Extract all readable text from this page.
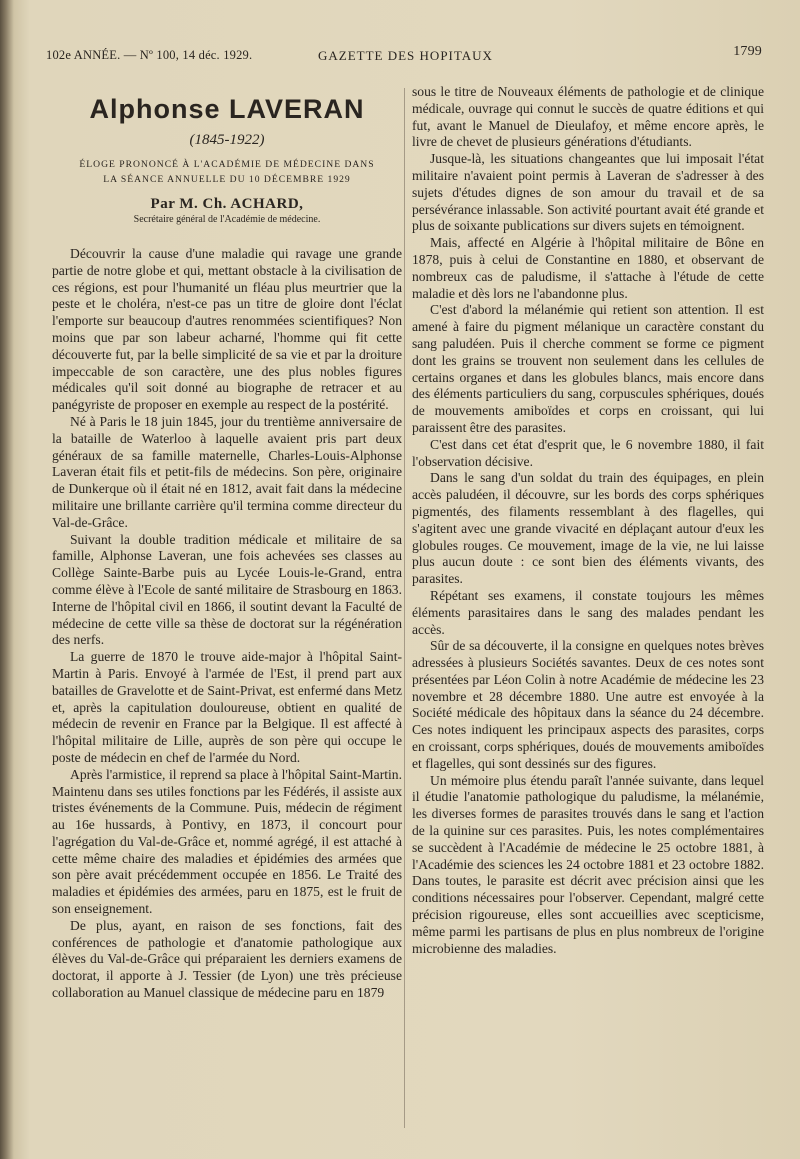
102e ANNÉE. — Nº 100, 14 déc. 1929.	GAZETTE DES HOPITAUX	1799
Alphonse LAVERAN
(1845-1922)

ÉLOGE PRONONCÉ À L'ACADÉMIE DE MÉDECINE DANS

LA SÉANCE ANNUELLE DU 10 DÉCEMBRE 1929

Par M. Ch. ACHARD,

Secrétaire général de l'Académie de médecine.

Découvrir la cause d'une maladie qui ravage une grande partie de notre globe et qui, mettant obstacle à la civilisation de ces régions, est pour l'humanité un fléau plus meurtrier que la peste et le choléra, n'est-ce pas un titre de gloire dont l'éclat l'emporte sur beaucoup d'autres renommées scientifiques? Non moins que par son labeur acharné, l'homme qui fit cette découverte fut, par la belle simplicité de sa vie et par la droiture impeccable de son caractère, une des plus nobles figures médicales qu'il soit donné au biographe de retracer et au panégyriste de proposer en exemple au respect de la postérité.

Né à Paris le 18 juin 1845, jour du trentième anniversaire de la bataille de Waterloo à laquelle avaient pris part deux généraux de sa famille maternelle, Charles-Louis-Alphonse Laveran était fils et petit-fils de médecins. Son père, originaire de Dunkerque où il était né en 1812, avait fait dans la médecine militaire une brillante carrière qu'il termina comme directeur du Val-de-Grâce.

Suivant la double tradition médicale et militaire de sa famille, Alphonse Laveran, une fois achevées ses classes au Collège Sainte-Barbe puis au Lycée Louis-le-Grand, entra comme élève à l'Ecole de santé militaire de Strasbourg en 1863. Interne de l'hôpital civil en 1866, il soutint devant la Faculté de médecine de cette ville sa thèse de doctorat sur la régénération des nerfs.

La guerre de 1870 le trouve aide-major à l'hôpital Saint-Martin à Paris. Envoyé à l'armée de l'Est, il prend part aux batailles de Gravelotte et de Saint-Privat, est enfermé dans Metz et, après la capitulation douloureuse, obtient en qualité de médecin de revenir en France par la Belgique. Il est affecté à l'hôpital militaire de Lille, auprès de son père qui occupe le poste de médecin en chef de l'armée du Nord.

Après l'armistice, il reprend sa place à l'hôpital Saint-Martin. Maintenu dans ses utiles fonctions par les Fédérés, il assiste aux tristes événements de la Commune. Puis, médecin de régiment au 16e hussards, à Pontivy, en 1873, il concourt pour l'agrégation du Val-de-Grâce et, nommé agrégé, il est attaché à cette même chaire des maladies et épidémies des armées que son père avait précédemment occupée en 1856. Le Traité des maladies et épidémies des armées, paru en 1875, est le fruit de son enseignement.

De plus, ayant, en raison de ses fonctions, fait des conférences de pathologie et d'anatomie pathologique aux élèves du Val-de-Grâce qui préparaient les derniers examens de doctorat, il apporte à J. Tessier (de Lyon) une très précieuse collaboration au Manuel classique de médecine paru en 1879

sous le titre de Nouveaux éléments de pathologie et de clinique médicale, ouvrage qui connut le succès de quatre éditions et qui fut, avant le Manuel de Dieulafoy, et même encore après, le livre de chevet de plusieurs générations d'étudiants.

Jusque-là, les situations changeantes que lui imposait l'état militaire n'avaient point permis à Laveran de s'adresser à des sujets d'études dignes de son amour du travail et de sa persévérance inlassable. Son activité pourtant avait été grande et plus de soixante publications sur divers sujets en témoignent.

Mais, affecté en Algérie à l'hôpital militaire de Bône en 1878, puis à celui de Constantine en 1880, et observant de nombreux cas de paludisme, il s'attache à l'étude de cette maladie et dès lors ne l'abandonne plus.

C'est d'abord la mélanémie qui retient son attention. Il est amené à faire du pigment mélanique un caractère constant du sang paludéen. Puis il cherche comment se forme ce pigment dont les grains se trouvent non seulement dans les cellules de certains organes et dans les globules blancs, mais encore dans des éléments particuliers du sang, corpuscules sphériques, doués de mouvements amiboïdes et corps en croissant, qui lui paraissent être des parasites.

C'est dans cet état d'esprit que, le 6 novembre 1880, il fait l'observation décisive.

Dans le sang d'un soldat du train des équipages, en plein accès paludéen, il découvre, sur les bords des corps sphériques pigmentés, des filaments ressemblant à des flagelles, qui s'agitent avec une grande vivacité en déplaçant autour d'eux les globules rouges. Ce mouvement, image de la vie, ne lui laisse plus aucun doute : ce sont bien des éléments vivants, des parasites.

Répétant ses examens, il constate toujours les mêmes éléments parasitaires dans le sang des malades pendant les accès.

Sûr de sa découverte, il la consigne en quelques notes brèves adressées à plusieurs Sociétés savantes. Deux de ces notes sont présentées par Léon Colin à notre Académie de médecine les 23 novembre et 28 décembre 1880. Une autre est envoyée à la Société médicale des hôpitaux dans la séance du 24 décembre. Ces notes indiquent les principaux aspects des parasites, corps en croissant, corps sphériques, doués de mouvements amiboïdes et flagelles, qui sont dessinés sur des figures.

Un mémoire plus étendu paraît l'année suivante, dans lequel il étudie l'anatomie pathologique du paludisme, la mélanémie, les diverses formes de parasites trouvés dans le sang et l'action de la quinine sur ces parasites. Puis, les notes complémentaires se succèdent à l'Académie de médecine le 25 octobre 1881, à l'Académie des sciences les 24 octobre 1881 et 23 octobre 1882. Dans toutes, le parasite est décrit avec précision ainsi que les conditions nécessaires pour l'observer. Cependant, malgré cette précision rigoureuse, elles sont accueillies avec scepticisme, même parmi les partisans de plus en plus nombreux de l'origine microbienne des maladies.
